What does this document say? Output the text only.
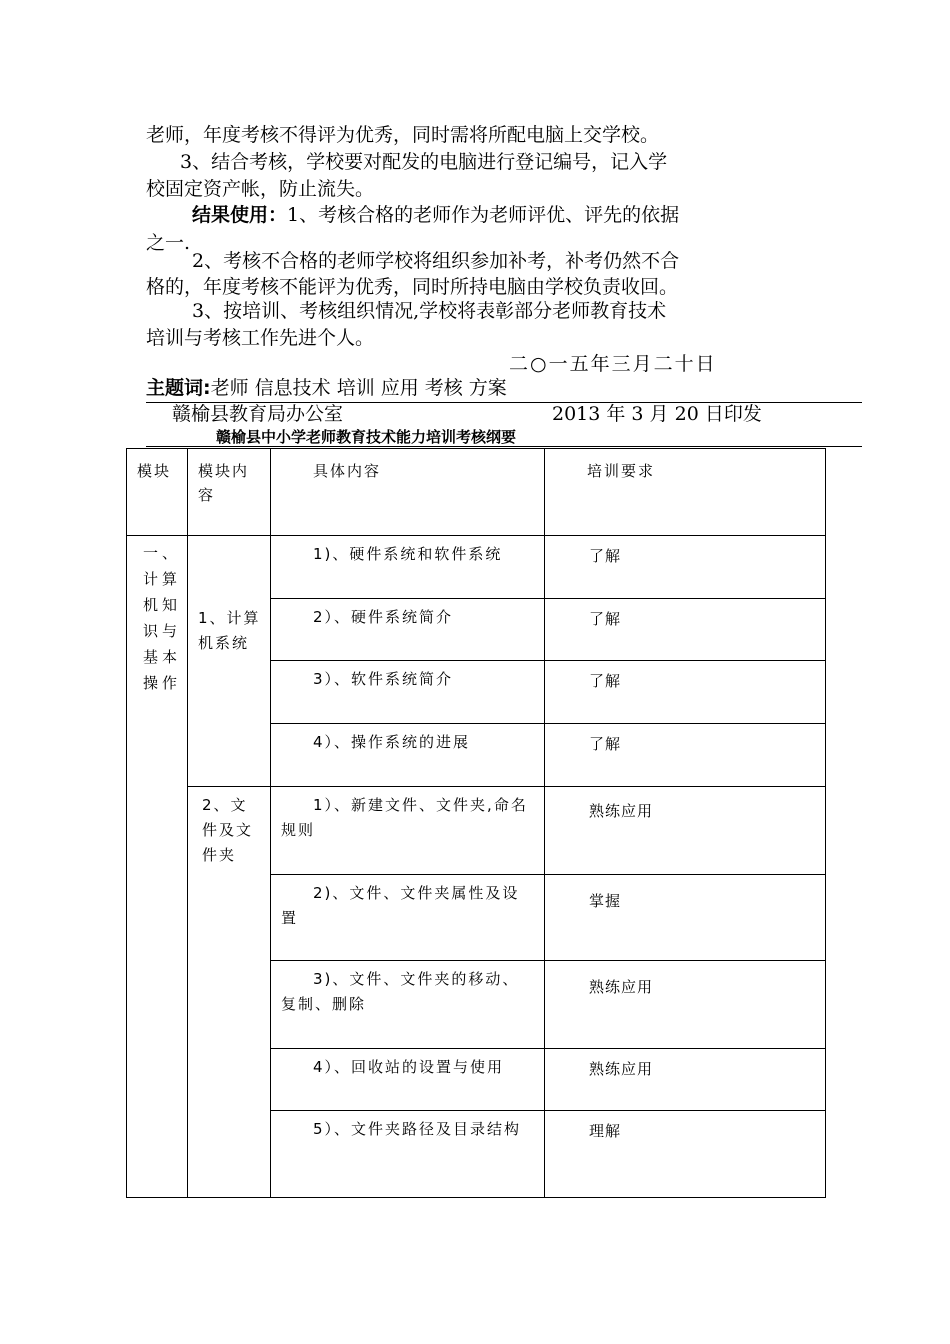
老师，年度考核不得评为优秀，同时需将所配电脑上交学校。
3、结合考核，学校要对配发的电脑进行登记编号，记入学
校固定资产帐，防止流失。
结果使用：1、考核合格的老师作为老师评优、评先的依据
之一.
2、考核不合格的老师学校将组织参加补考，补考仍然不合
格的，年度考核不能评为优秀，同时所持电脑由学校负责收回。
3、按培训、考核组织情况,学校将表彰部分老师教育技术
培训与考核工作先进个人。
二○一五年三月二十日
主题词:老师 信息技术 培训 应用 考核 方案
赣榆县教育局办公室	2013 年 3 月 20 日印发
赣榆县中小学老师教育技术能力培训考核纲要
模块	模块内容	具体内容	培训要求

一、计算机知识与基本操作	1、计算机系统	1)、硬件系统和软件系统	了解

		2）、硬件系统简介	了解

		3）、软件系统简介	了解

		4）、操作系统的进展	了解

	2、文件及文件夹	1）、新建文件、文件夹,命名规则	熟练应用

		2)、文件、文件夹属性及设置	掌握

		3)、文件、文件夹的移动、复制、删除	熟练应用

		4）、回收站的设置与使用	熟练应用

		5）、文件夹路径及目录结构	理解
